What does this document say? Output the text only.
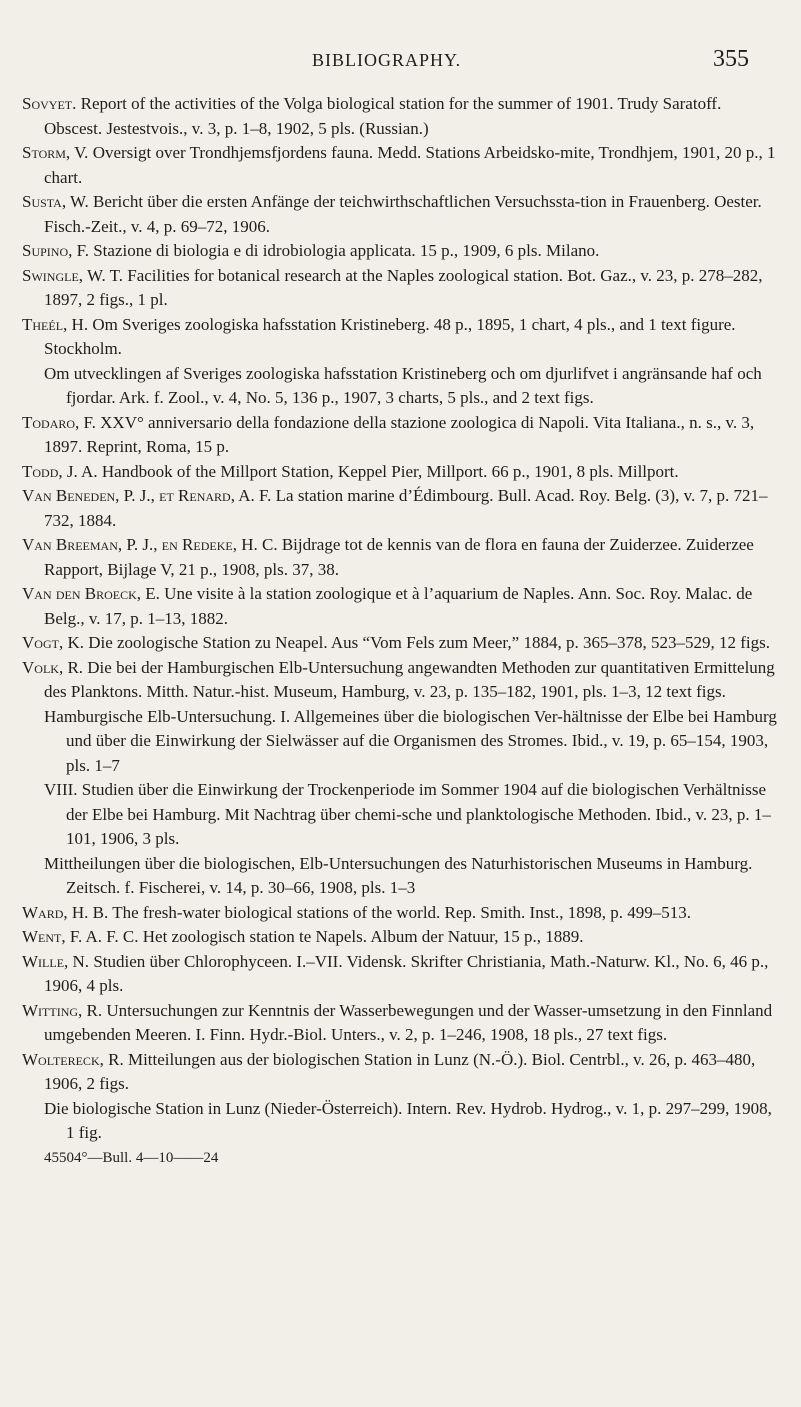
BIBLIOGRAPHY.	355

Sovyet. Report of the activities of the Volga biological station for the summer of 1901. Trudy Saratoff. Obscest. Jestestvois., v. 3, p. 1–8, 1902, 5 pls. (Russian.)

Storm, V. Oversigt over Trondhjemsfjordens fauna. Medd. Stations Arbeidsko-mite, Trondhjem, 1901, 20 p., 1 chart.

Susta, W. Bericht über die ersten Anfänge der teichwirthschaftlichen Versuchssta-tion in Frauenberg. Oester. Fisch.-Zeit., v. 4, p. 69–72, 1906.

Supino, F. Stazione di biologia e di idrobiologia applicata. 15 p., 1909, 6 pls. Milano.

Swingle, W. T. Facilities for botanical research at the Naples zoological station. Bot. Gaz., v. 23, p. 278–282, 1897, 2 figs., 1 pl.

Theél, H. Om Sveriges zoologiska hafsstation Kristineberg. 48 p., 1895, 1 chart, 4 pls., and 1 text figure. Stockholm.

Om utvecklingen af Sveriges zoologiska hafsstation Kristineberg och om djurlifvet i angränsande haf och fjordar. Ark. f. Zool., v. 4, No. 5, 136 p., 1907, 3 charts, 5 pls., and 2 text figs.

Todaro, F. XXV° anniversario della fondazione della stazione zoologica di Napoli. Vita Italiana., n. s., v. 3, 1897. Reprint, Roma, 15 p.

Todd, J. A. Handbook of the Millport Station, Keppel Pier, Millport. 66 p., 1901, 8 pls. Millport.

Van Beneden, P. J., et Renard, A. F. La station marine d’Édimbourg. Bull. Acad. Roy. Belg. (3), v. 7, p. 721–732, 1884.

Van Breeman, P. J., en Redeke, H. C. Bijdrage tot de kennis van de flora en fauna der Zuiderzee. Zuiderzee Rapport, Bijlage V, 21 p., 1908, pls. 37, 38.

Van den Broeck, E. Une visite à la station zoologique et à l’aquarium de Naples. Ann. Soc. Roy. Malac. de Belg., v. 17, p. 1–13, 1882.

Vogt, K. Die zoologische Station zu Neapel. Aus “Vom Fels zum Meer,” 1884, p. 365–378, 523–529, 12 figs.

Volk, R. Die bei der Hamburgischen Elb-Untersuchung angewandten Methoden zur quantitativen Ermittelung des Planktons. Mitth. Natur.-hist. Museum, Hamburg, v. 23, p. 135–182, 1901, pls. 1–3, 12 text figs.

Hamburgische Elb-Untersuchung. I. Allgemeines über die biologischen Ver-hältnisse der Elbe bei Hamburg und über die Einwirkung der Sielwässer auf die Organismen des Stromes. Ibid., v. 19, p. 65–154, 1903, pls. 1–7

VIII. Studien über die Einwirkung der Trockenperiode im Sommer 1904 auf die biologischen Verhältnisse der Elbe bei Hamburg. Mit Nachtrag über chemi-sche und planktologische Methoden. Ibid., v. 23, p. 1–101, 1906, 3 pls.

Mittheilungen über die biologischen, Elb-Untersuchungen des Naturhistorischen Museums in Hamburg. Zeitsch. f. Fischerei, v. 14, p. 30–66, 1908, pls. 1–3

Ward, H. B. The fresh-water biological stations of the world. Rep. Smith. Inst., 1898, p. 499–513.

Went, F. A. F. C. Het zoologisch station te Napels. Album der Natuur, 15 p., 1889.

Wille, N. Studien über Chlorophyceen. I.–VII. Vidensk. Skrifter Christiania, Math.-Naturw. Kl., No. 6, 46 p., 1906, 4 pls.

Witting, R. Untersuchungen zur Kenntnis der Wasserbewegungen und der Wasser-umsetzung in den Finnland umgebenden Meeren. I. Finn. Hydr.-Biol. Unters., v. 2, p. 1–246, 1908, 18 pls., 27 text figs.

Woltereck, R. Mitteilungen aus der biologischen Station in Lunz (N.-Ö.). Biol. Centrbl., v. 26, p. 463–480, 1906, 2 figs.

Die biologische Station in Lunz (Nieder-Österreich). Intern. Rev. Hydrob. Hydrog., v. 1, p. 297–299, 1908, 1 fig.

45504°—Bull. 4—10——24
